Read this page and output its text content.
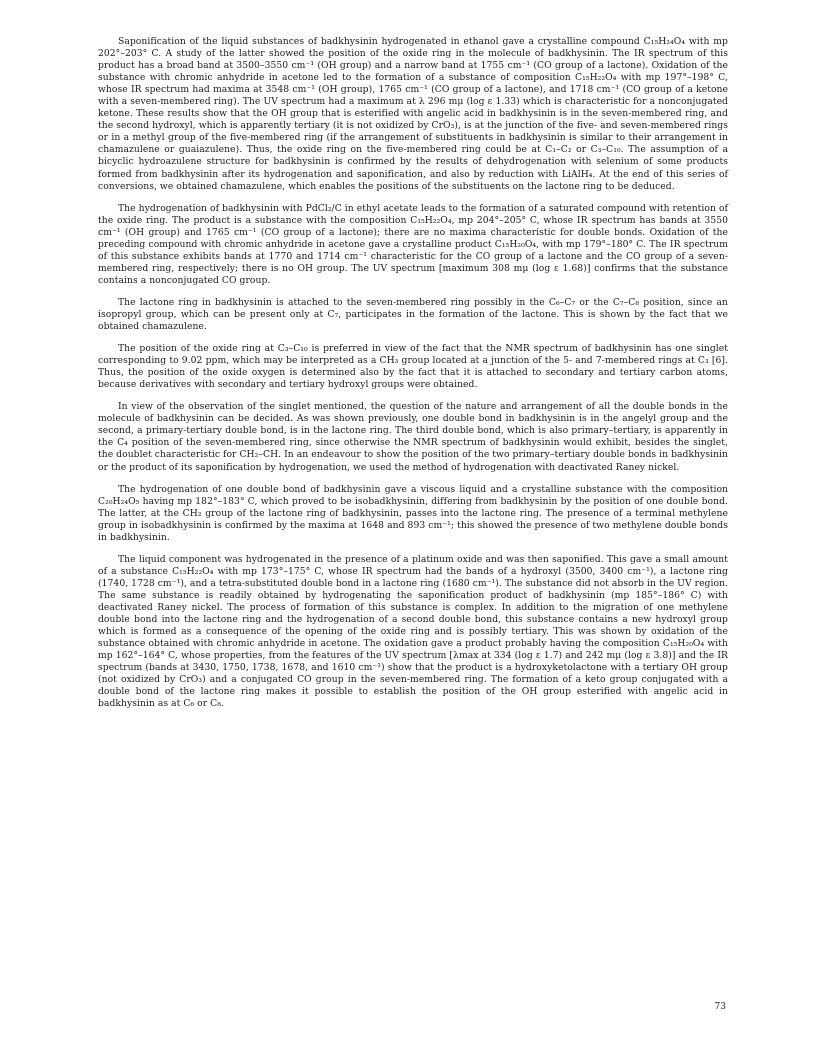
Saponification of the liquid substances of badkhysinin hydrogenated in ethanol gave a crystalline compound C₁₅H₂₄O₄ with mp 202°–203° C. A study of the latter showed the position of the oxide ring in the molecule of badkhysinin. The IR spectrum of this product has a broad band at 3500–3550 cm⁻¹ (OH group) and a narrow band at 1755 cm⁻¹ (CO group of a lactone). Oxidation of the substance with chromic anhydride in acetone led to the formation of a substance of composition C₁₅H₂₂O₄ with mp 197°–198° C, whose IR spectrum had maxima at 3548 cm⁻¹ (OH group), 1765 cm⁻¹ (CO group of a lactone), and 1718 cm⁻¹ (CO group of a ketone with a seven-membered ring). The UV spectrum had a maximum at λ 296 mμ (log ε 1.33) which is characteristic for a nonconjugated ketone. These results show that the OH group that is esterified with angelic acid in badkhysinin is in the seven-membered ring, and the second hydroxyl, which is apparently tertiary (it is not oxidized by CrO₃), is at the junction of the five- and seven-membered rings or in a methyl group of the five-membered ring (if the arrangement of substituents in badkhysinin is similar to their arrangement in chamazulene or guaiazulene). Thus, the oxide ring on the five-membered ring could be at C₁–C₂ or C₃–C₁₀. The assumption of a bicyclic hydroazulene structure for badkhysinin is confirmed by the results of dehydrogenation with selenium of some products formed from badkhysinin after its hydrogenation and saponification, and also by reduction with LiAlH₄. At the end of this series of conversions, we obtained chamazulene, which enables the positions of the substituents on the lactone ring to be deduced.

The hydrogenation of badkhysinin with PdCl₂/C in ethyl acetate leads to the formation of a saturated compound with retention of the oxide ring. The product is a substance with the composition C₁₅H₂₂O₄, mp 204°–205° C, whose IR spectrum has bands at 3550 cm⁻¹ (OH group) and 1765 cm⁻¹ (CO group of a lactone); there are no maxima characteristic for double bonds. Oxidation of the preceding compound with chromic anhydride in acetone gave a crystalline product C₁₅H₂₀O₄, with mp 179°–180° C. The IR spectrum of this substance exhibits bands at 1770 and 1714 cm⁻¹ characteristic for the CO group of a lactone and the CO group of a seven-membered ring, respectively; there is no OH group. The UV spectrum [maximum 308 mμ (log ε 1.68)] confirms that the substance contains a nonconjugated CO group.

The lactone ring in badkhysinin is attached to the seven-membered ring possibly in the C₆–C₇ or the C₇–C₈ position, since an isopropyl group, which can be present only at C₇, participates in the formation of the lactone. This is shown by the fact that we obtained chamazulene.

The position of the oxide ring at C₃–C₁₀ is preferred in view of the fact that the NMR spectrum of badkhysinin has one singlet corresponding to 9.02 ppm, which may be interpreted as a CH₃ group located at a junction of the 5- and 7-membered rings at C₃ [6]. Thus, the position of the oxide oxygen is determined also by the fact that it is attached to secondary and tertiary carbon atoms, because derivatives with secondary and tertiary hydroxyl groups were obtained.

In view of the observation of the singlet mentioned, the question of the nature and arrangement of all the double bonds in the molecule of badkhysinin can be decided. As was shown previously, one double bond in badkhysinin is in the angelyl group and the second, a primary-tertiary double bond, is in the lactone ring. The third double bond, which is also primary–tertiary, is apparently in the C₄ position of the seven-membered ring, since otherwise the NMR spectrum of badkhysinin would exhibit, besides the singlet, the doublet characteristic for CH₂–CH. In an endeavour to show the position of the two primary–tertiary double bonds in badkhysinin or the product of its saponification by hydrogenation, we used the method of hydrogenation with deactivated Raney nickel.

The hydrogenation of one double bond of badkhysinin gave a viscous liquid and a crystalline substance with the composition C₂₀H₂₄O₅ having mp 182°–183° C, which proved to be isobadkhysinin, differing from badkhysinin by the position of one double bond. The latter, at the CH₂ group of the lactone ring of badkhysinin, passes into the lactone ring. The presence of a terminal methylene group in isobadkhysinin is confirmed by the maxima at 1648 and 893 cm⁻¹; this showed the presence of two methylene double bonds in badkhysinin.

The liquid component was hydrogenated in the presence of a platinum oxide and was then saponified. This gave a small amount of a substance C₁₅H₂₂O₄ with mp 173°–175° C, whose IR spectrum had the bands of a hydroxyl (3500, 3400 cm⁻¹), a lactone ring (1740, 1728 cm⁻¹), and a tetra-substituted double bond in a lactone ring (1680 cm⁻¹). The substance did not absorb in the UV region. The same substance is readily obtained by hydrogenating the saponification product of badkhysinin (mp 185°–186° C) with deactivated Raney nickel. The process of formation of this substance is complex. In addition to the migration of one methylene double bond into the lactone ring and the hydrogenation of a second double bond, this substance contains a new hydroxyl group which is formed as a consequence of the opening of the oxide ring and is possibly tertiary. This was shown by oxidation of the substance obtained with chromic anhydride in acetone. The oxidation gave a product probably having the composition C₁₅H₂₀O₄ with mp 162°–164° C, whose properties, from the features of the UV spectrum [λmax at 334 (log ε 1.7) and 242 mμ (log ε 3.8)] and the IR spectrum (bands at 3430, 1750, 1738, 1678, and 1610 cm⁻¹) show that the product is a hydroxyketolactone with a tertiary OH group (not oxidized by CrO₃) and a conjugated CO group in the seven-membered ring. The formation of a keto group conjugated with a double bond of the lactone ring makes it possible to establish the position of the OH group esterified with angelic acid in badkhysinin as at C₆ or C₈.

73
